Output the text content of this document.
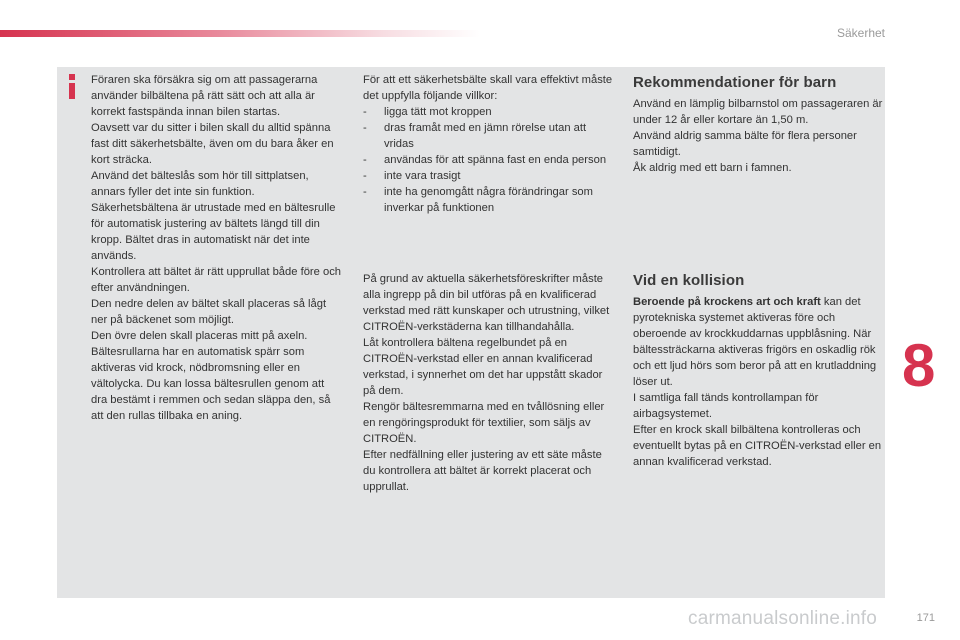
Säkerhet

Föraren ska försäkra sig om att passagerarna använder bilbältena på rätt sätt och att alla är korrekt fastspända innan bilen startas.

Oavsett var du sitter i bilen skall du alltid spänna fast ditt säkerhetsbälte, även om du bara åker en kort sträcka.

Använd det bälteslås som hör till sittplatsen, annars fyller det inte sin funktion.

Säkerhetsbältena är utrustade med en bältesrulle för automatisk justering av bältets längd till din kropp. Bältet dras in automatiskt när det inte används.

Kontrollera att bältet är rätt upprullat både före och efter användningen.

Den nedre delen av bältet skall placeras så lågt ner på bäckenet som möjligt.

Den övre delen skall placeras mitt på axeln.

Bältesrullarna har en automatisk spärr som aktiveras vid krock, nödbromsning eller en vältolycka. Du kan lossa bältesrullen genom att dra bestämt i remmen och sedan släppa den, så att den rullas tillbaka en aning.

För att ett säkerhetsbälte skall vara effektivt måste det uppfylla följande villkor:

- ligga tätt mot kroppen
- dras framåt med en jämn rörelse utan att vridas
- användas för att spänna fast en enda person
- inte vara trasigt
- inte ha genomgått några förändringar som inverkar på funktionen

På grund av aktuella säkerhetsföreskrifter måste alla ingrepp på din bil utföras på en kvalificerad verkstad med rätt kunskaper och utrustning, vilket CITROËN-verkstäderna kan tillhandahålla.

Låt kontrollera bältena regelbundet på en CITROËN-verkstad eller en annan kvalificerad verkstad, i synnerhet om det har uppstått skador på dem.

Rengör bältesremmarna med en tvållösning eller en rengöringsprodukt för textilier, som säljs av CITROËN.

Efter nedfällning eller justering av ett säte måste du kontrollera att bältet är korrekt placerat och upprullat.

Rekommendationer för barn

Använd en lämplig bilbarnstol om passageraren är under 12 år eller kortare än 1,50 m.

Använd aldrig samma bälte för flera personer samtidigt.

Åk aldrig med ett barn i famnen.

Vid en kollision

Beroende på krockens art och kraft kan det pyrotekniska systemet aktiveras före och oberoende av krockkuddarnas uppblåsning. När bältessträckarna aktiveras frigörs en oskadlig rök och ett ljud hörs som beror på att en krutladdning löser ut.

I samtliga fall tänds kontrollampan för airbagsystemet.

Efter en krock skall bilbältena kontrolleras och eventuellt bytas på en CITROËN-verkstad eller en annan kvalificerad verkstad.

8
carmanualsonline.info	171
